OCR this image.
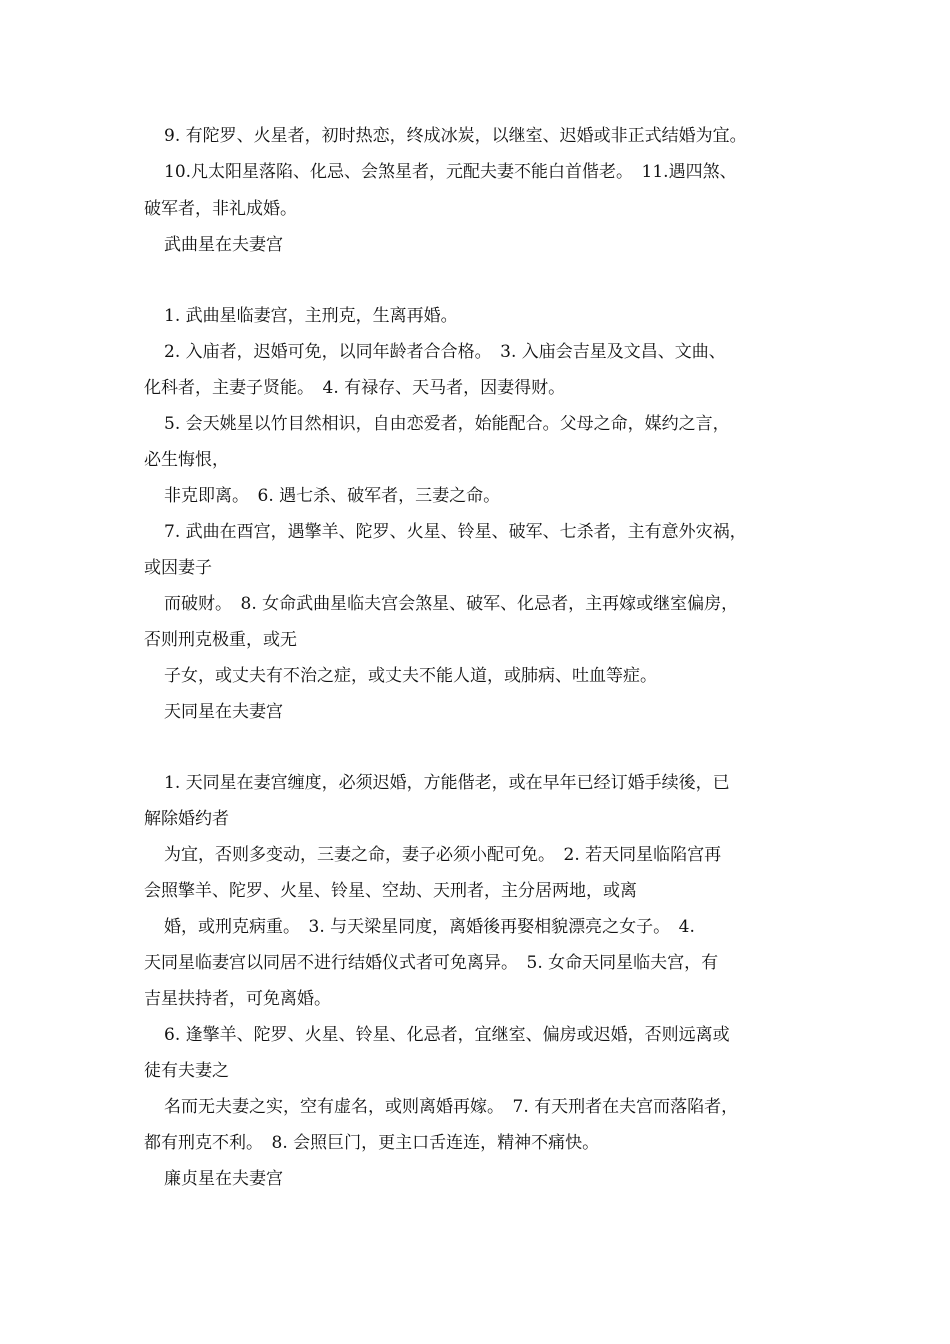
9. 有陀罗、火星者，初时热恋，终成冰炭，以继室、迟婚或非正式结婚为宜。
10.凡太阳星落陷、化忌、会煞星者，元配夫妻不能白首偕老。　11.遇四煞、
破军者，非礼成婚。
武曲星在夫妻宫
1. 武曲星临妻宫，主刑克，生离再婚。
2. 入庙者，迟婚可免，以同年龄者合合格。　3. 入庙会吉星及文昌、文曲、
化科者，主妻子贤能。　4. 有禄存、天马者，因妻得财。
5. 会天姚星以竹目然相识，自由恋爱者，始能配合。父母之命，媒约之言，
必生悔恨，
非克即离。　6. 遇七杀、破军者，三妻之命。
7. 武曲在酉宫，遇擎羊、陀罗、火星、铃星、破军、七杀者，主有意外灾祸，
或因妻子
而破财。　8. 女命武曲星临夫宫会煞星、破军、化忌者，主再嫁或继室偏房，
否则刑克极重，或无
子女，或丈夫有不治之症，或丈夫不能人道，或肺病、吐血等症。
天同星在夫妻宫
1. 天同星在妻宫缠度，必须迟婚，方能偕老，或在早年已经订婚手续後，已
解除婚约者
为宜，否则多变动，三妻之命，妻子必须小配可免。　2. 若天同星临陷宫再
会照擎羊、陀罗、火星、铃星、空劫、天刑者，主分居两地，或离
婚，或刑克病重。　3. 与天梁星同度，离婚後再娶相貌漂亮之女子。　4.
天同星临妻宫以同居不进行结婚仪式者可免离异。　5. 女命天同星临夫宫，有
吉星扶持者，可免离婚。
6. 逢擎羊、陀罗、火星、铃星、化忌者，宜继室、偏房或迟婚，否则远离或
徒有夫妻之
名而无夫妻之实，空有虚名，或则离婚再嫁。　7. 有天刑者在夫宫而落陷者，
都有刑克不利。　8. 会照巨门，更主口舌连连，精神不痛快。
廉贞星在夫妻宫
